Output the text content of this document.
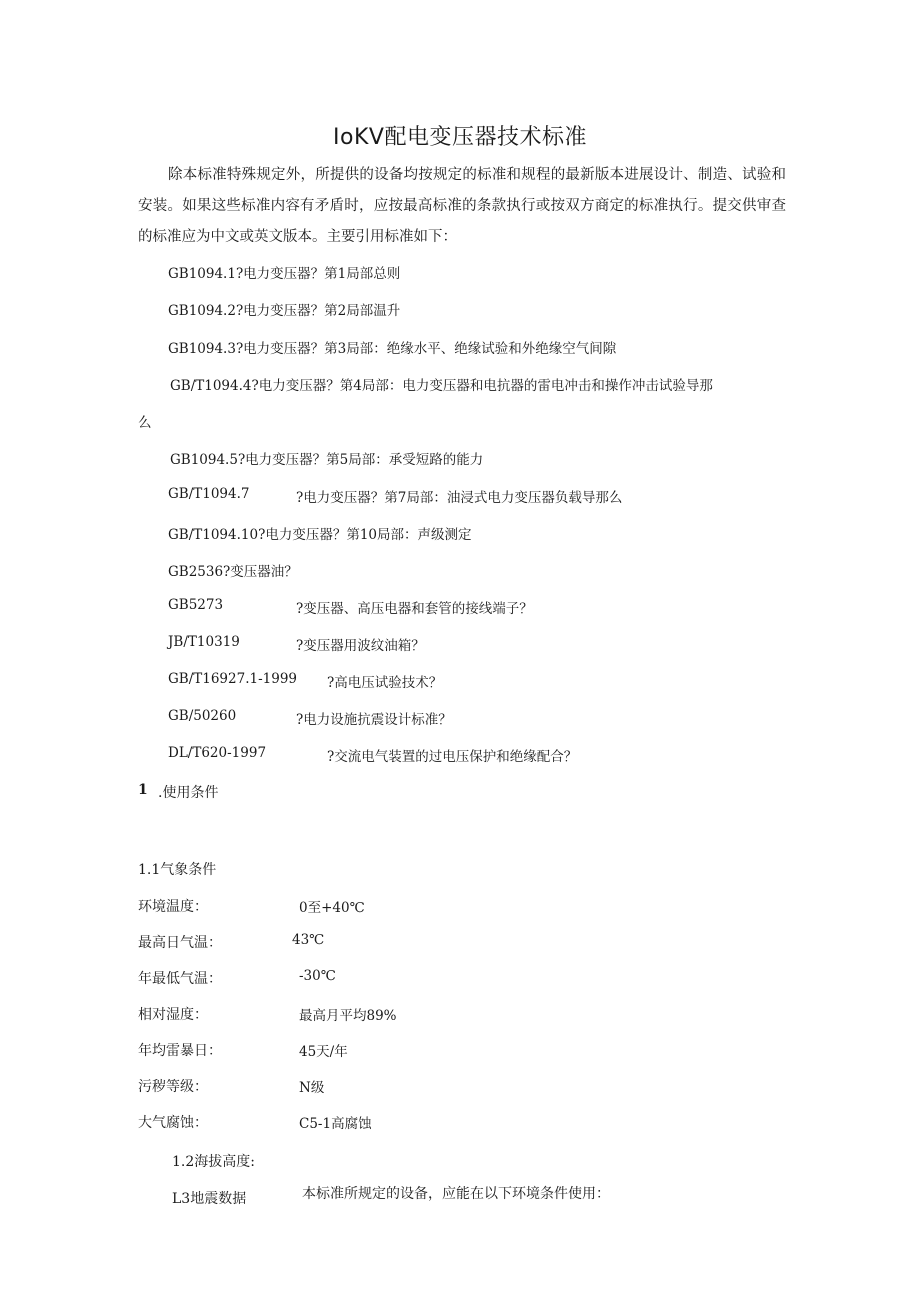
IoKV配电变压器技术标准
除本标准特殊规定外，所提供的设备均按规定的标准和规程的最新版本进展设计、制造、试验和安装。如果这些标准内容有矛盾时，应按最高标准的条款执行或按双方商定的标准执行。提交供审查的标准应为中文或英文版本。主要引用标准如下：
GB1094.1?电力变压器？第1局部总则
GB1094.2?电力变压器？第2局部温升
GB1094.3?电力变压器？第3局部：绝缘水平、绝缘试验和外绝缘空气间隙
GB/T1094.4?电力变压器？第4局部：电力变压器和电抗器的雷电冲击和操作冲击试验导那
么
GB1094.5?电力变压器？第5局部：承受短路的能力
GB/T1094.7	?电力变压器？第7局部：油浸式电力变压器负载导那么
GB/T1094.10?电力变压器？第10局部：声级测定
GB2536?变压器油？
GB5273	?变压器、高压电器和套管的接线端子？
JB/T10319	?变压器用波纹油箱？
GB/T16927.1-1999 ?高电压试验技术？
GB/50260	?电力设施抗震设计标准？
DL/T620-1997	?交流电气装置的过电压保护和绝缘配合？
1 .使用条件
1.1气象条件
环境温度：	0至+40℃
最高日气温：	43℃
年最低气温：	-30℃
相对湿度：	最高月平均89%
年均雷暴日：	45天/年
污秽等级：	N级
大气腐蚀：	C5-1高腐蚀
1.2海拔高度:
L3地震数据	本标准所规定的设备，应能在以下环境条件使用：
